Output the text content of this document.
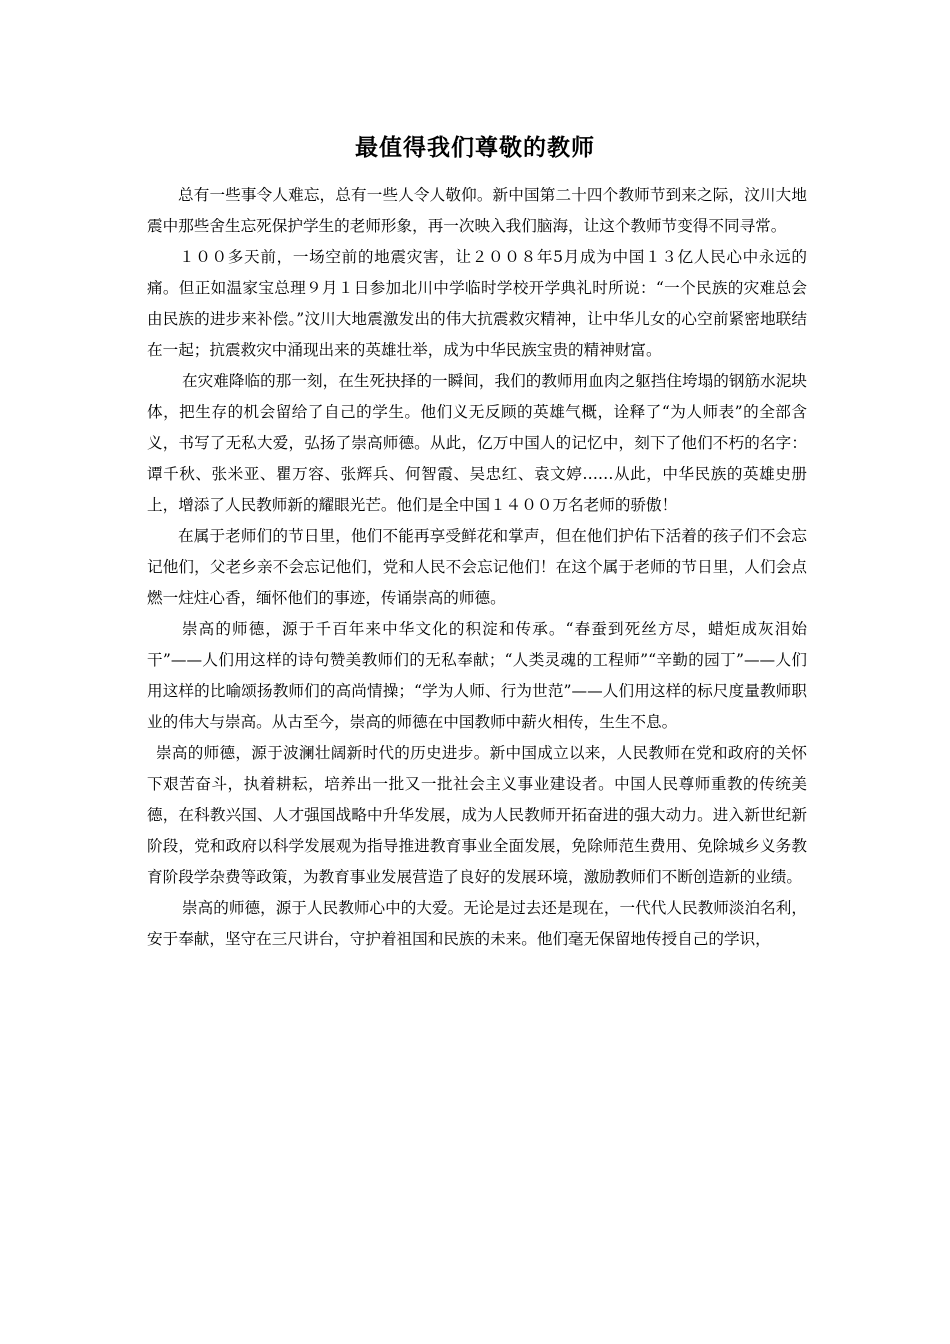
最值得我们尊敬的教师

总有一些事令人难忘，总有一些人令人敬仰。新中国第二十四个教师节到来之际，汶川大地震中那些舍生忘死保护学生的老师形象，再一次映入我们脑海，让这个教师节变得不同寻常。

１００多天前，一场空前的地震灾害，让２００８年5月成为中国１３亿人民心中永远的痛。但正如温家宝总理９月１日参加北川中学临时学校开学典礼时所说：“一个民族的灾难总会由民族的进步来补偿。”汶川大地震激发出的伟大抗震救灾精神，让中华儿女的心空前紧密地联结在一起；抗震救灾中涌现出来的英雄壮举，成为中华民族宝贵的精神财富。

在灾难降临的那一刻，在生死抉择的一瞬间，我们的教师用血肉之躯挡住垮塌的钢筋水泥块体，把生存的机会留给了自己的学生。他们义无反顾的英雄气概，诠释了“为人师表”的全部含义，书写了无私大爱，弘扬了崇高师德。从此，亿万中国人的记忆中，刻下了他们不朽的名字：谭千秋、张米亚、瞿万容、张辉兵、何智霞、吴忠红、袁文婷……从此，中华民族的英雄史册上，增添了人民教师新的耀眼光芒。他们是全中国１４００万名老师的骄傲！

在属于老师们的节日里，他们不能再享受鲜花和掌声，但在他们护佑下活着的孩子们不会忘记他们，父老乡亲不会忘记他们，党和人民不会忘记他们！在这个属于老师的节日里，人们会点燃一炷炷心香，缅怀他们的事迹，传诵崇高的师德。

崇高的师德，源于千百年来中华文化的积淀和传承。“春蚕到死丝方尽，蜡炬成灰泪始干”——人们用这样的诗句赞美教师们的无私奉献；“人类灵魂的工程师”“辛勤的园丁”——人们用这样的比喻颂扬教师们的高尚情操；“学为人师、行为世范”——人们用这样的标尺度量教师职业的伟大与崇高。从古至今，崇高的师德在中国教师中薪火相传，生生不息。

崇高的师德，源于波澜壮阔新时代的历史进步。新中国成立以来，人民教师在党和政府的关怀下艰苦奋斗，执着耕耘，培养出一批又一批社会主义事业建设者。中国人民尊师重教的传统美德，在科教兴国、人才强国战略中升华发展，成为人民教师开拓奋进的强大动力。进入新世纪新阶段，党和政府以科学发展观为指导推进教育事业全面发展，免除师范生费用、免除城乡义务教育阶段学杂费等政策，为教育事业发展营造了良好的发展环境，激励教师们不断创造新的业绩。

崇高的师德，源于人民教师心中的大爱。无论是过去还是现在，一代代人民教师淡泊名利，安于奉献，坚守在三尺讲台，守护着祖国和民族的未来。他们毫无保留地传授自己的学识，
